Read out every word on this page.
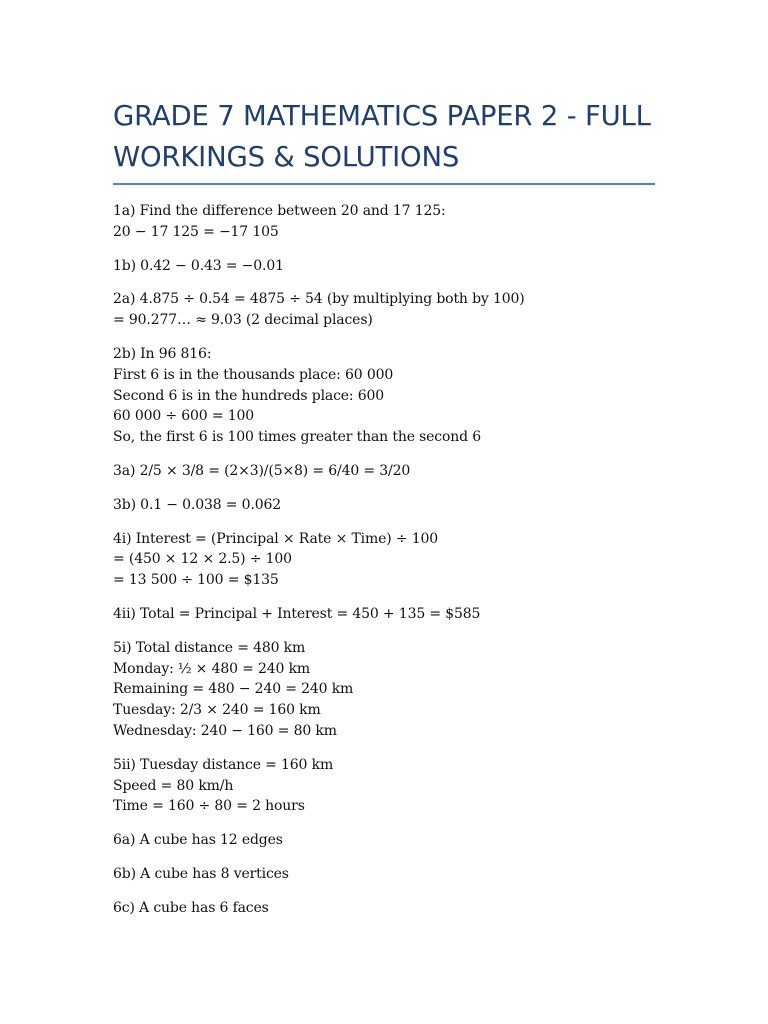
GRADE 7 MATHEMATICS PAPER 2 - FULL
WORKINGS & SOLUTIONS
1a) Find the difference between 20 and 17 125:
20 − 17 125 = −17 105
1b) 0.42 − 0.43 = −0.01
2a) 4.875 ÷ 0.54 = 4875 ÷ 54 (by multiplying both by 100)
= 90.277… ≈ 9.03 (2 decimal places)
2b) In 96 816:
First 6 is in the thousands place: 60 000
Second 6 is in the hundreds place: 600
60 000 ÷ 600 = 100
So, the first 6 is 100 times greater than the second 6
3a) 2/5 × 3/8 = (2×3)/(5×8) = 6/40 = 3/20
3b) 0.1 − 0.038 = 0.062
4i) Interest = (Principal × Rate × Time) ÷ 100
= (450 × 12 × 2.5) ÷ 100
= 13 500 ÷ 100 = $135
4ii) Total = Principal + Interest = 450 + 135 = $585
5i) Total distance = 480 km
Monday: ½ × 480 = 240 km
Remaining = 480 − 240 = 240 km
Tuesday: 2/3 × 240 = 160 km
Wednesday: 240 − 160 = 80 km
5ii) Tuesday distance = 160 km
Speed = 80 km/h
Time = 160 ÷ 80 = 2 hours
6a) A cube has 12 edges
6b) A cube has 8 vertices
6c) A cube has 6 faces
